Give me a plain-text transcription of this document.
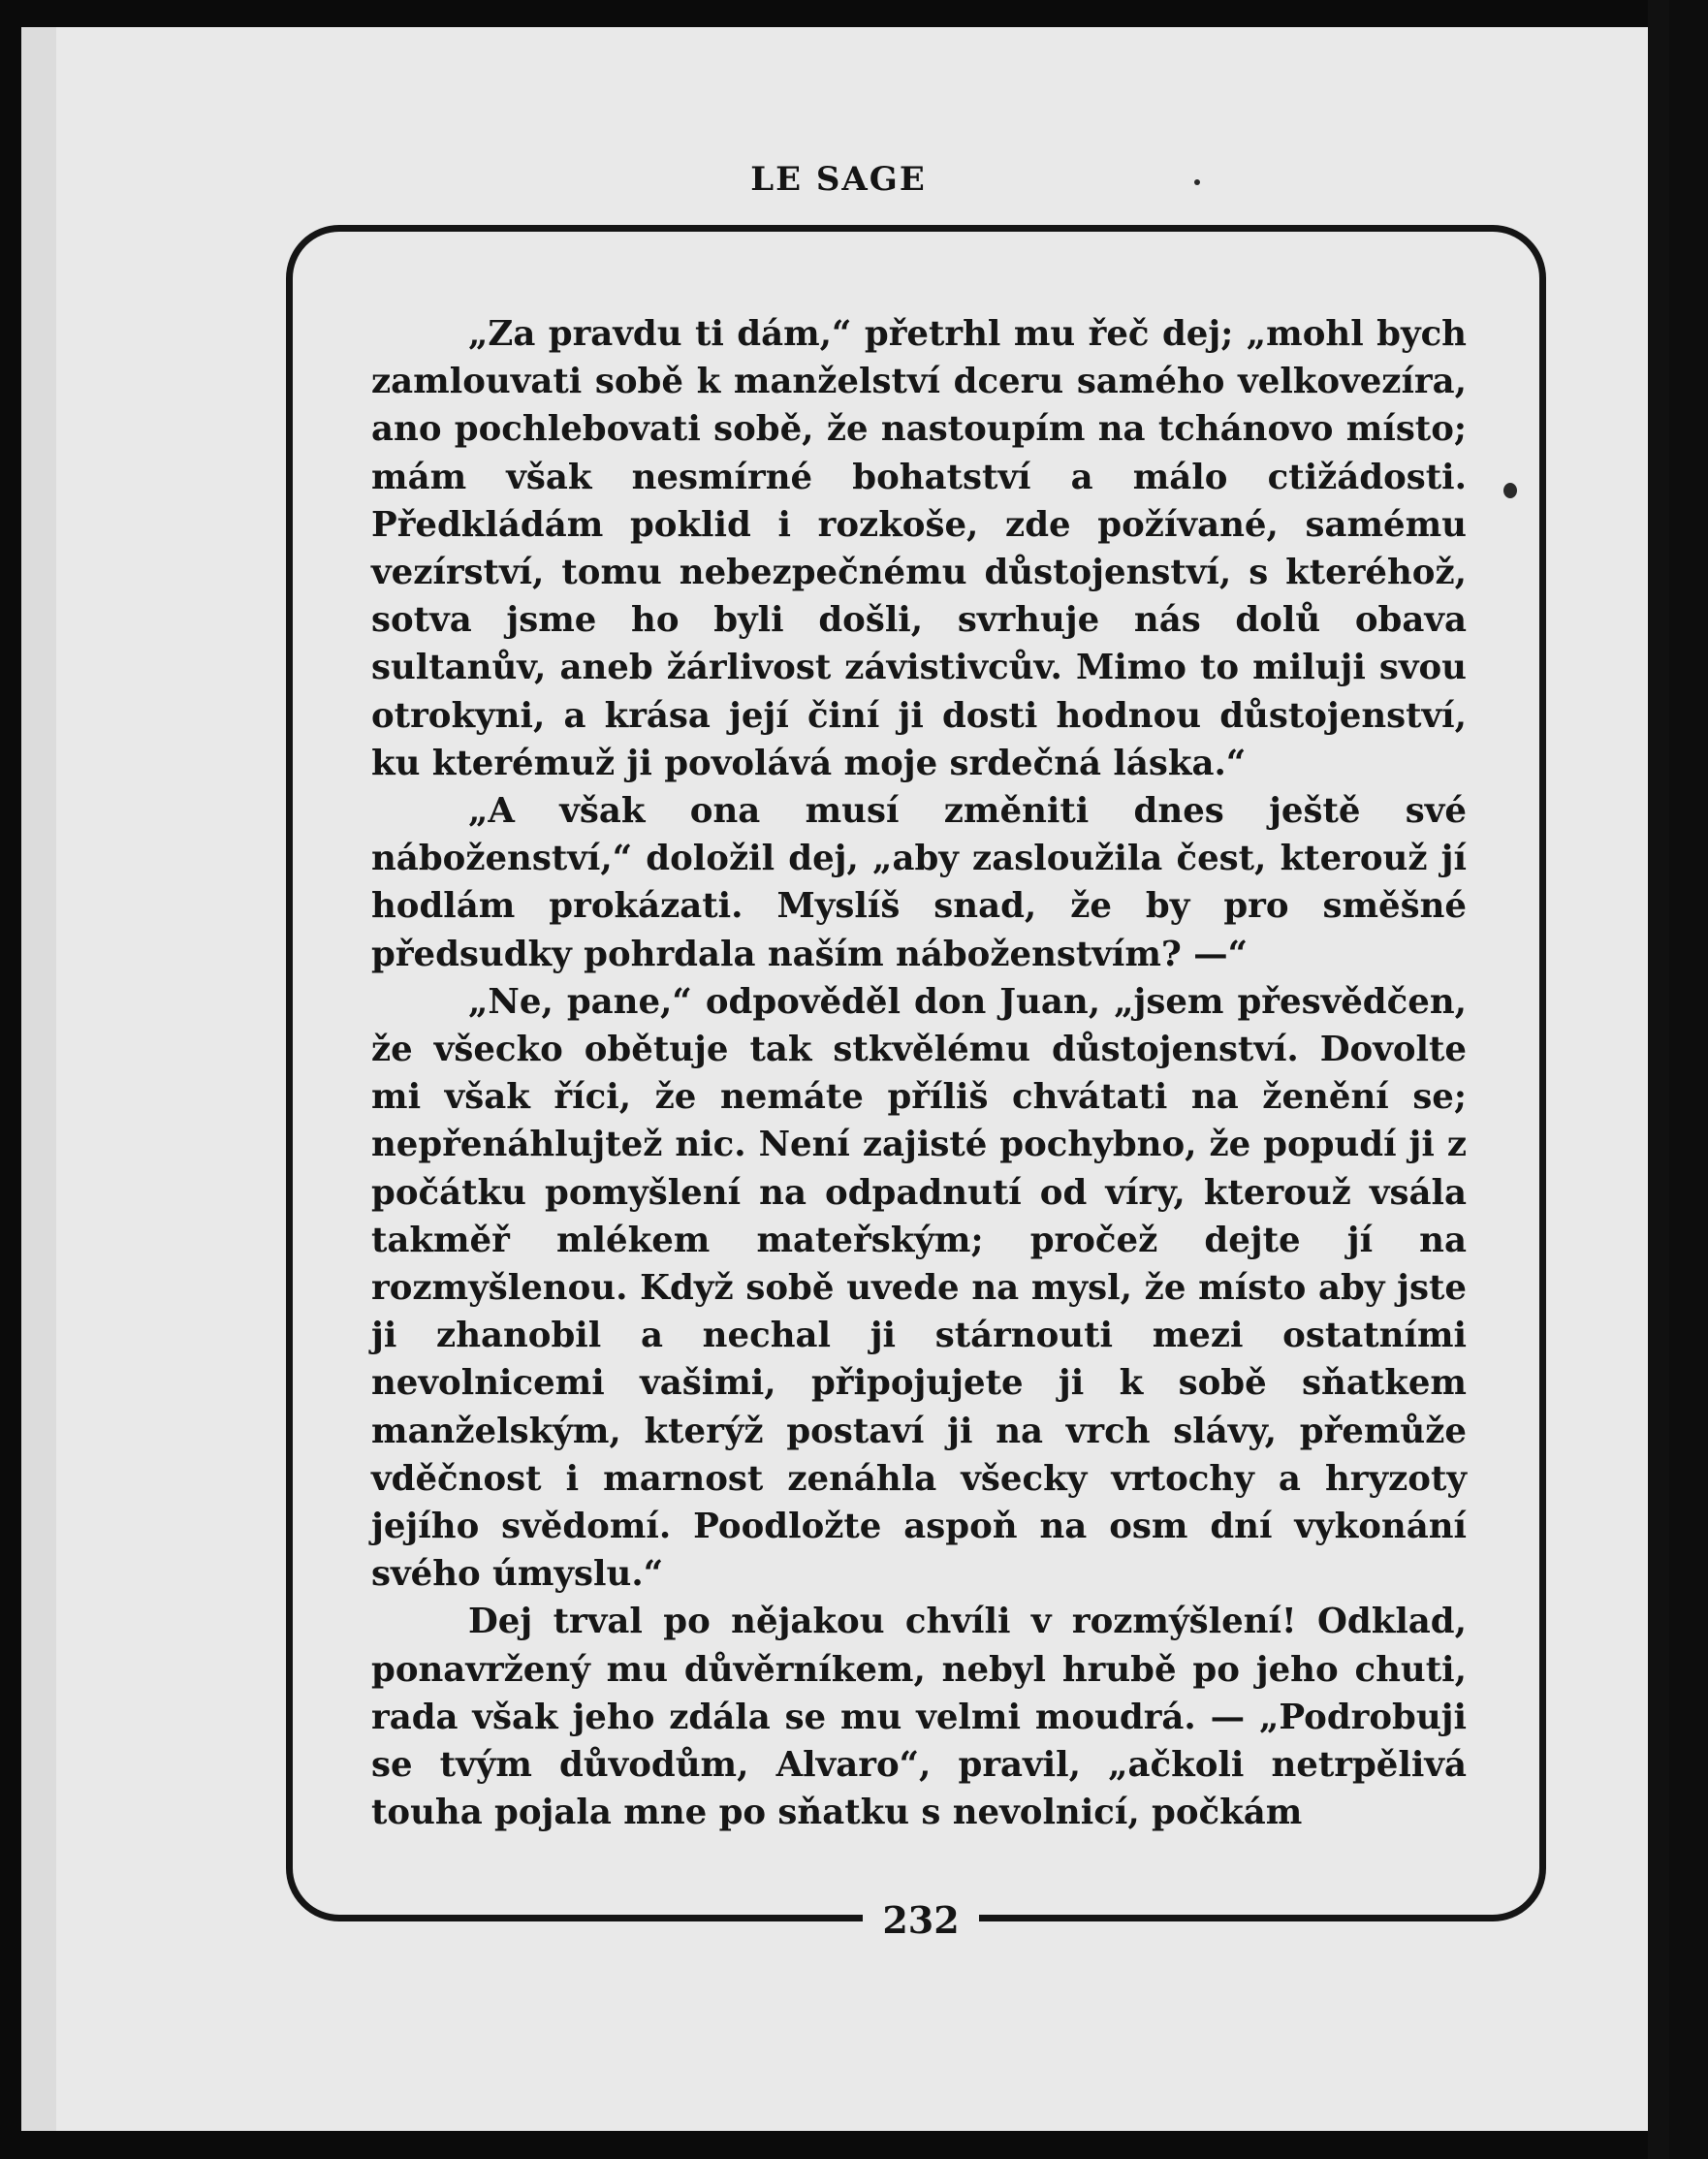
LE SAGE
232

„Za pravdu ti dám,“ přetrhl mu řeč dej; „mohl bych zamlouvati sobě k manželství dceru samého velkovezíra, ano pochlebovati sobě, že nastoupím na tchánovo místo; mám však nesmírné bohatství a málo ctižádosti. Předkládám poklid i rozkoše, zde požívané, samému vezírství, tomu nebezpečnému důstojenství, s kteréhož, sotva jsme ho byli došli, svrhuje nás dolů obava sultanův, aneb žárlivost závistivcův. Mimo to miluji svou otrokyni, a krása její činí ji dosti hodnou důstojenství, ku kterémuž ji povolává moje srdečná láska.“

„A však ona musí změniti dnes ještě své náboženství,“ doložil dej, „aby zasloužila čest, kterouž jí hodlám prokázati. Myslíš snad, že by pro směšné předsudky pohrdala naším náboženstvím? —“

„Ne, pane,“ odpověděl don Juan, „jsem přesvědčen, že všecko obětuje tak stkvělému důstojenství. Dovolte mi však říci, že nemáte příliš chvátati na ženění se; nepřenáhlujtež nic. Není zajisté pochybno, že popudí ji z počátku pomyšlení na odpadnutí od víry, kterouž vsála takměř mlékem mateřským; pročež dejte jí na rozmyšlenou. Když sobě uvede na mysl, že místo aby jste ji zhanobil a nechal ji stárnouti mezi ostatními nevolnicemi vašimi, připojujete ji k sobě sňatkem manželským, kterýž postaví ji na vrch slávy, přemůže vděčnost i marnost zenáhla všecky vrtochy a hryzoty jejího svědomí. Poodložte aspoň na osm dní vykonání svého úmyslu.“

Dej trval po nějakou chvíli v rozmýšlení! Odklad, ponavržený mu důvěrníkem, nebyl hrubě po jeho chuti, rada však jeho zdála se mu velmi moudrá. — „Podrobuji se tvým důvodům, Alvaro“, pravil, „ačkoli netrpělivá touha pojala mne po sňatku s nevolnicí, počkám
